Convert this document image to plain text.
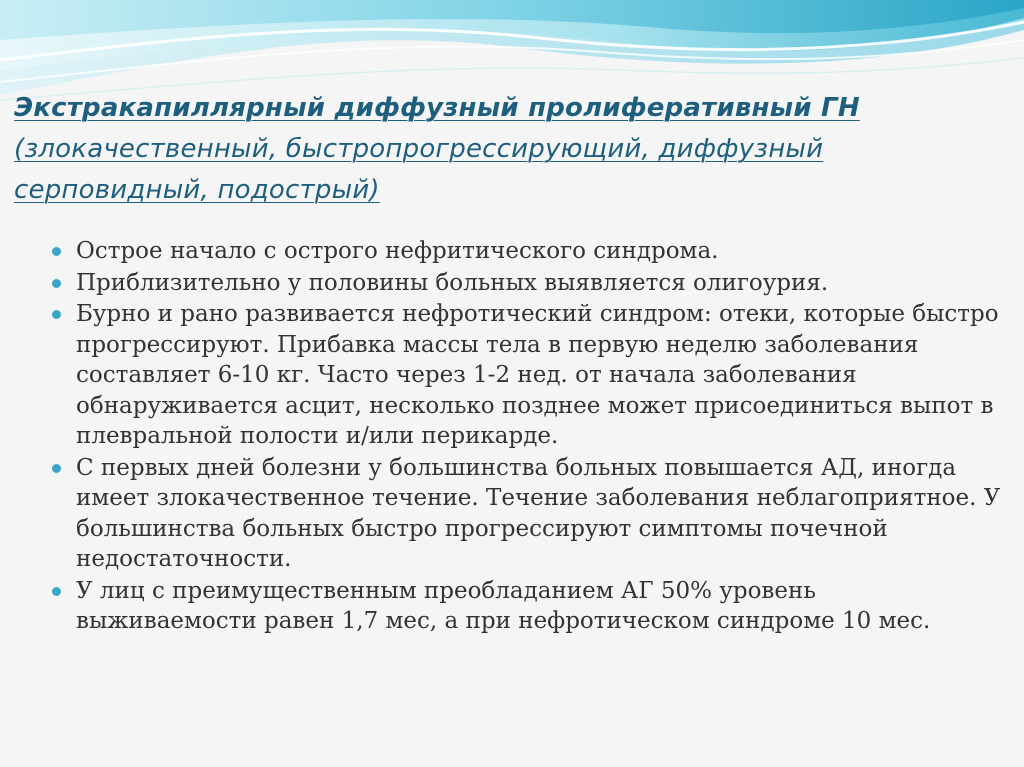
Экстракапиллярный диффузный пролиферативный ГН
(злокачественный, быстропрогрессирующий, диффузный
серповидный, подострый)
Острое начало с острого нефритического синдрома.
Приблизительно у половины больных выявляется олигоурия.
Бурно и рано развивается нефротический синдром: отеки, которые быстро прогрессируют. Прибавка массы тела в первую неделю заболевания составляет 6-10 кг. Часто через 1-2 нед. от начала заболевания обнаруживается асцит, несколько позднее может присоединиться выпот в плевральной полости и/или перикарде.
С первых дней болезни у большинства больных повышается АД, иногда имеет злокачественное течение. Течение заболевания неблагоприятное. У большинства больных быстро прогрессируют симптомы почечной недостаточности.
У лиц с преимущественным преобладанием АГ 50% уровень выживаемости равен 1,7 мес, а при нефротическом синдроме 10 мес.
